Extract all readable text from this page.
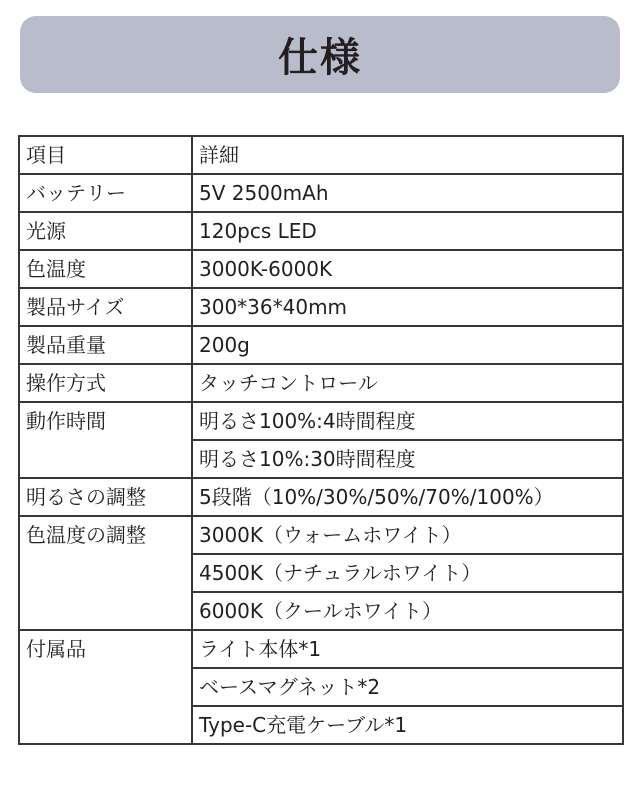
仕様
項目	詳細
バッテリー	5V 2500mAh
光源	120pcs LED
色温度	3000K-6000K
製品サイズ	300*36*40mm
製品重量	200g
操作方式	タッチコントロール
動作時間	明るさ100%:4時間程度
	明るさ10%:30時間程度
明るさの調整	5段階（10%/30%/50%/70%/100%）
色温度の調整	3000K（ウォームホワイト）
	4500K（ナチュラルホワイト）
	6000K（クールホワイト）
付属品	ライト本体*1
	ベースマグネット*2
	Type-C充電ケーブル*1
